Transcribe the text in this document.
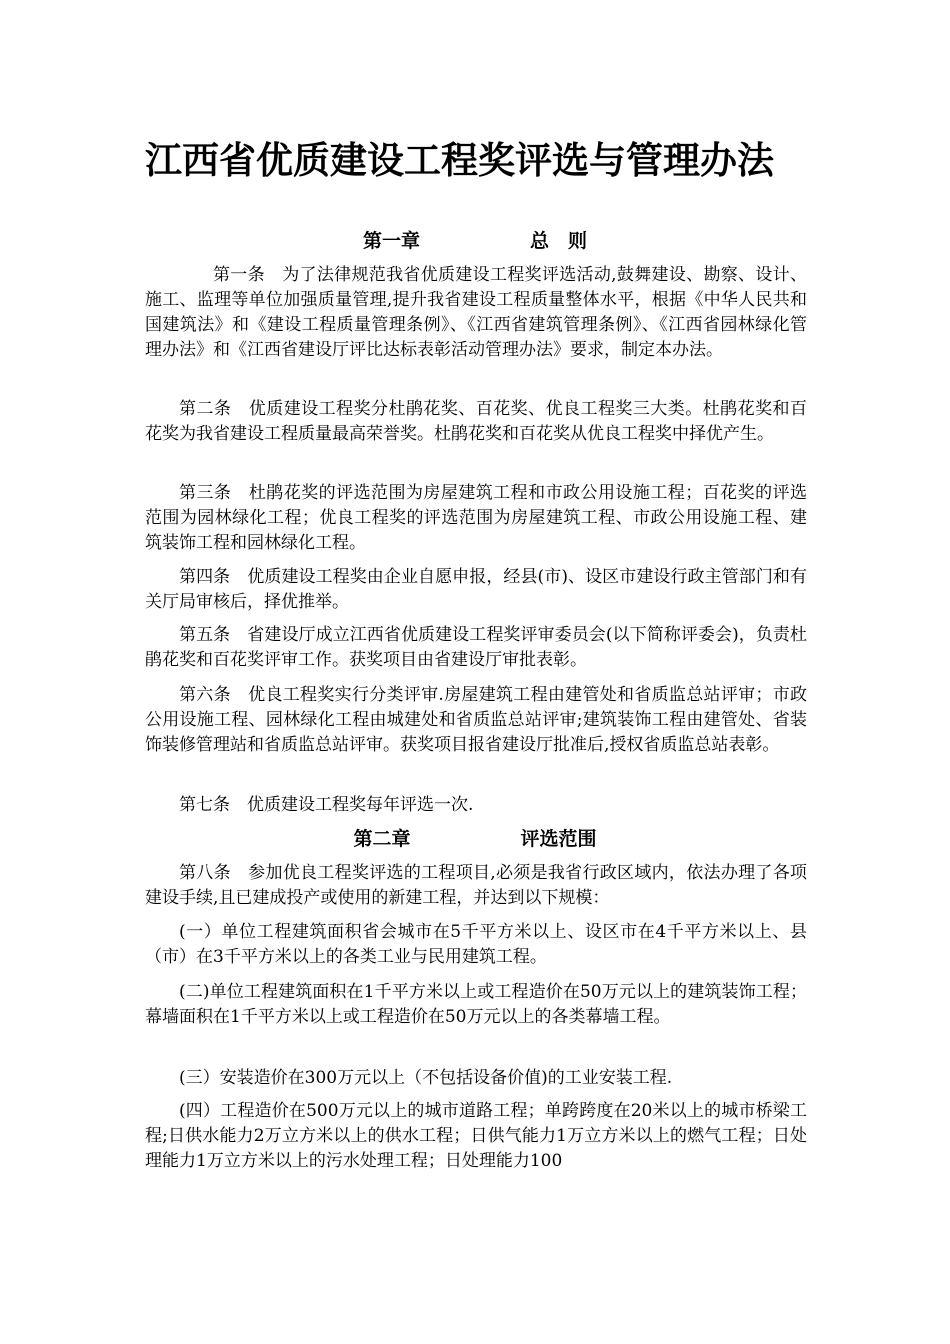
江西省优质建设工程奖评选与管理办法
第一章	总　则

第一条　为了法律规范我省优质建设工程奖评选活动,鼓舞建设、勘察、设计、施工、监理等单位加强质量管理,提升我省建设工程质量整体水平，根据《中华人民共和国建筑法》和《建设工程质量管理条例》、《江西省建筑管理条例》、《江西省园林绿化管理办法》和《江西省建设厅评比达标表彰活动管理办法》要求，制定本办法。

第二条　优质建设工程奖分杜鹃花奖、百花奖、优良工程奖三大类。杜鹃花奖和百花奖为我省建设工程质量最高荣誉奖。杜鹃花奖和百花奖从优良工程奖中择优产生。

第三条　杜鹃花奖的评选范围为房屋建筑工程和市政公用设施工程；百花奖的评选范围为园林绿化工程；优良工程奖的评选范围为房屋建筑工程、市政公用设施工程、建筑装饰工程和园林绿化工程。

第四条　优质建设工程奖由企业自愿申报，经县(市)、设区市建设行政主管部门和有关厅局审核后，择优推举。

第五条　省建设厅成立江西省优质建设工程奖评审委员会(以下简称评委会)，负责杜鹃花奖和百花奖评审工作。获奖项目由省建设厅审批表彰。

第六条　优良工程奖实行分类评审.房屋建筑工程由建管处和省质监总站评审；市政公用设施工程、园林绿化工程由城建处和省质监总站评审;建筑装饰工程由建管处、省装饰装修管理站和省质监总站评审。获奖项目报省建设厅批准后,授权省质监总站表彰。

第七条　优质建设工程奖每年评选一次.

第二章	评选范围

第八条　参加优良工程奖评选的工程项目,必须是我省行政区域内，依法办理了各项建设手续,且已建成投产或使用的新建工程，并达到以下规模：

(一）单位工程建筑面积省会城市在5千平方米以上、设区市在4千平方米以上、县（市）在3千平方米以上的各类工业与民用建筑工程。

(二)单位工程建筑面积在1千平方米以上或工程造价在50万元以上的建筑装饰工程；幕墙面积在1千平方米以上或工程造价在50万元以上的各类幕墙工程。

(三）安装造价在300万元以上（不包括设备价值)的工业安装工程.

(四）工程造价在500万元以上的城市道路工程；单跨跨度在20米以上的城市桥梁工程;日供水能力2万立方米以上的供水工程；日供气能力1万立方米以上的燃气工程；日处理能力1万立方米以上的污水处理工程；日处理能力100
